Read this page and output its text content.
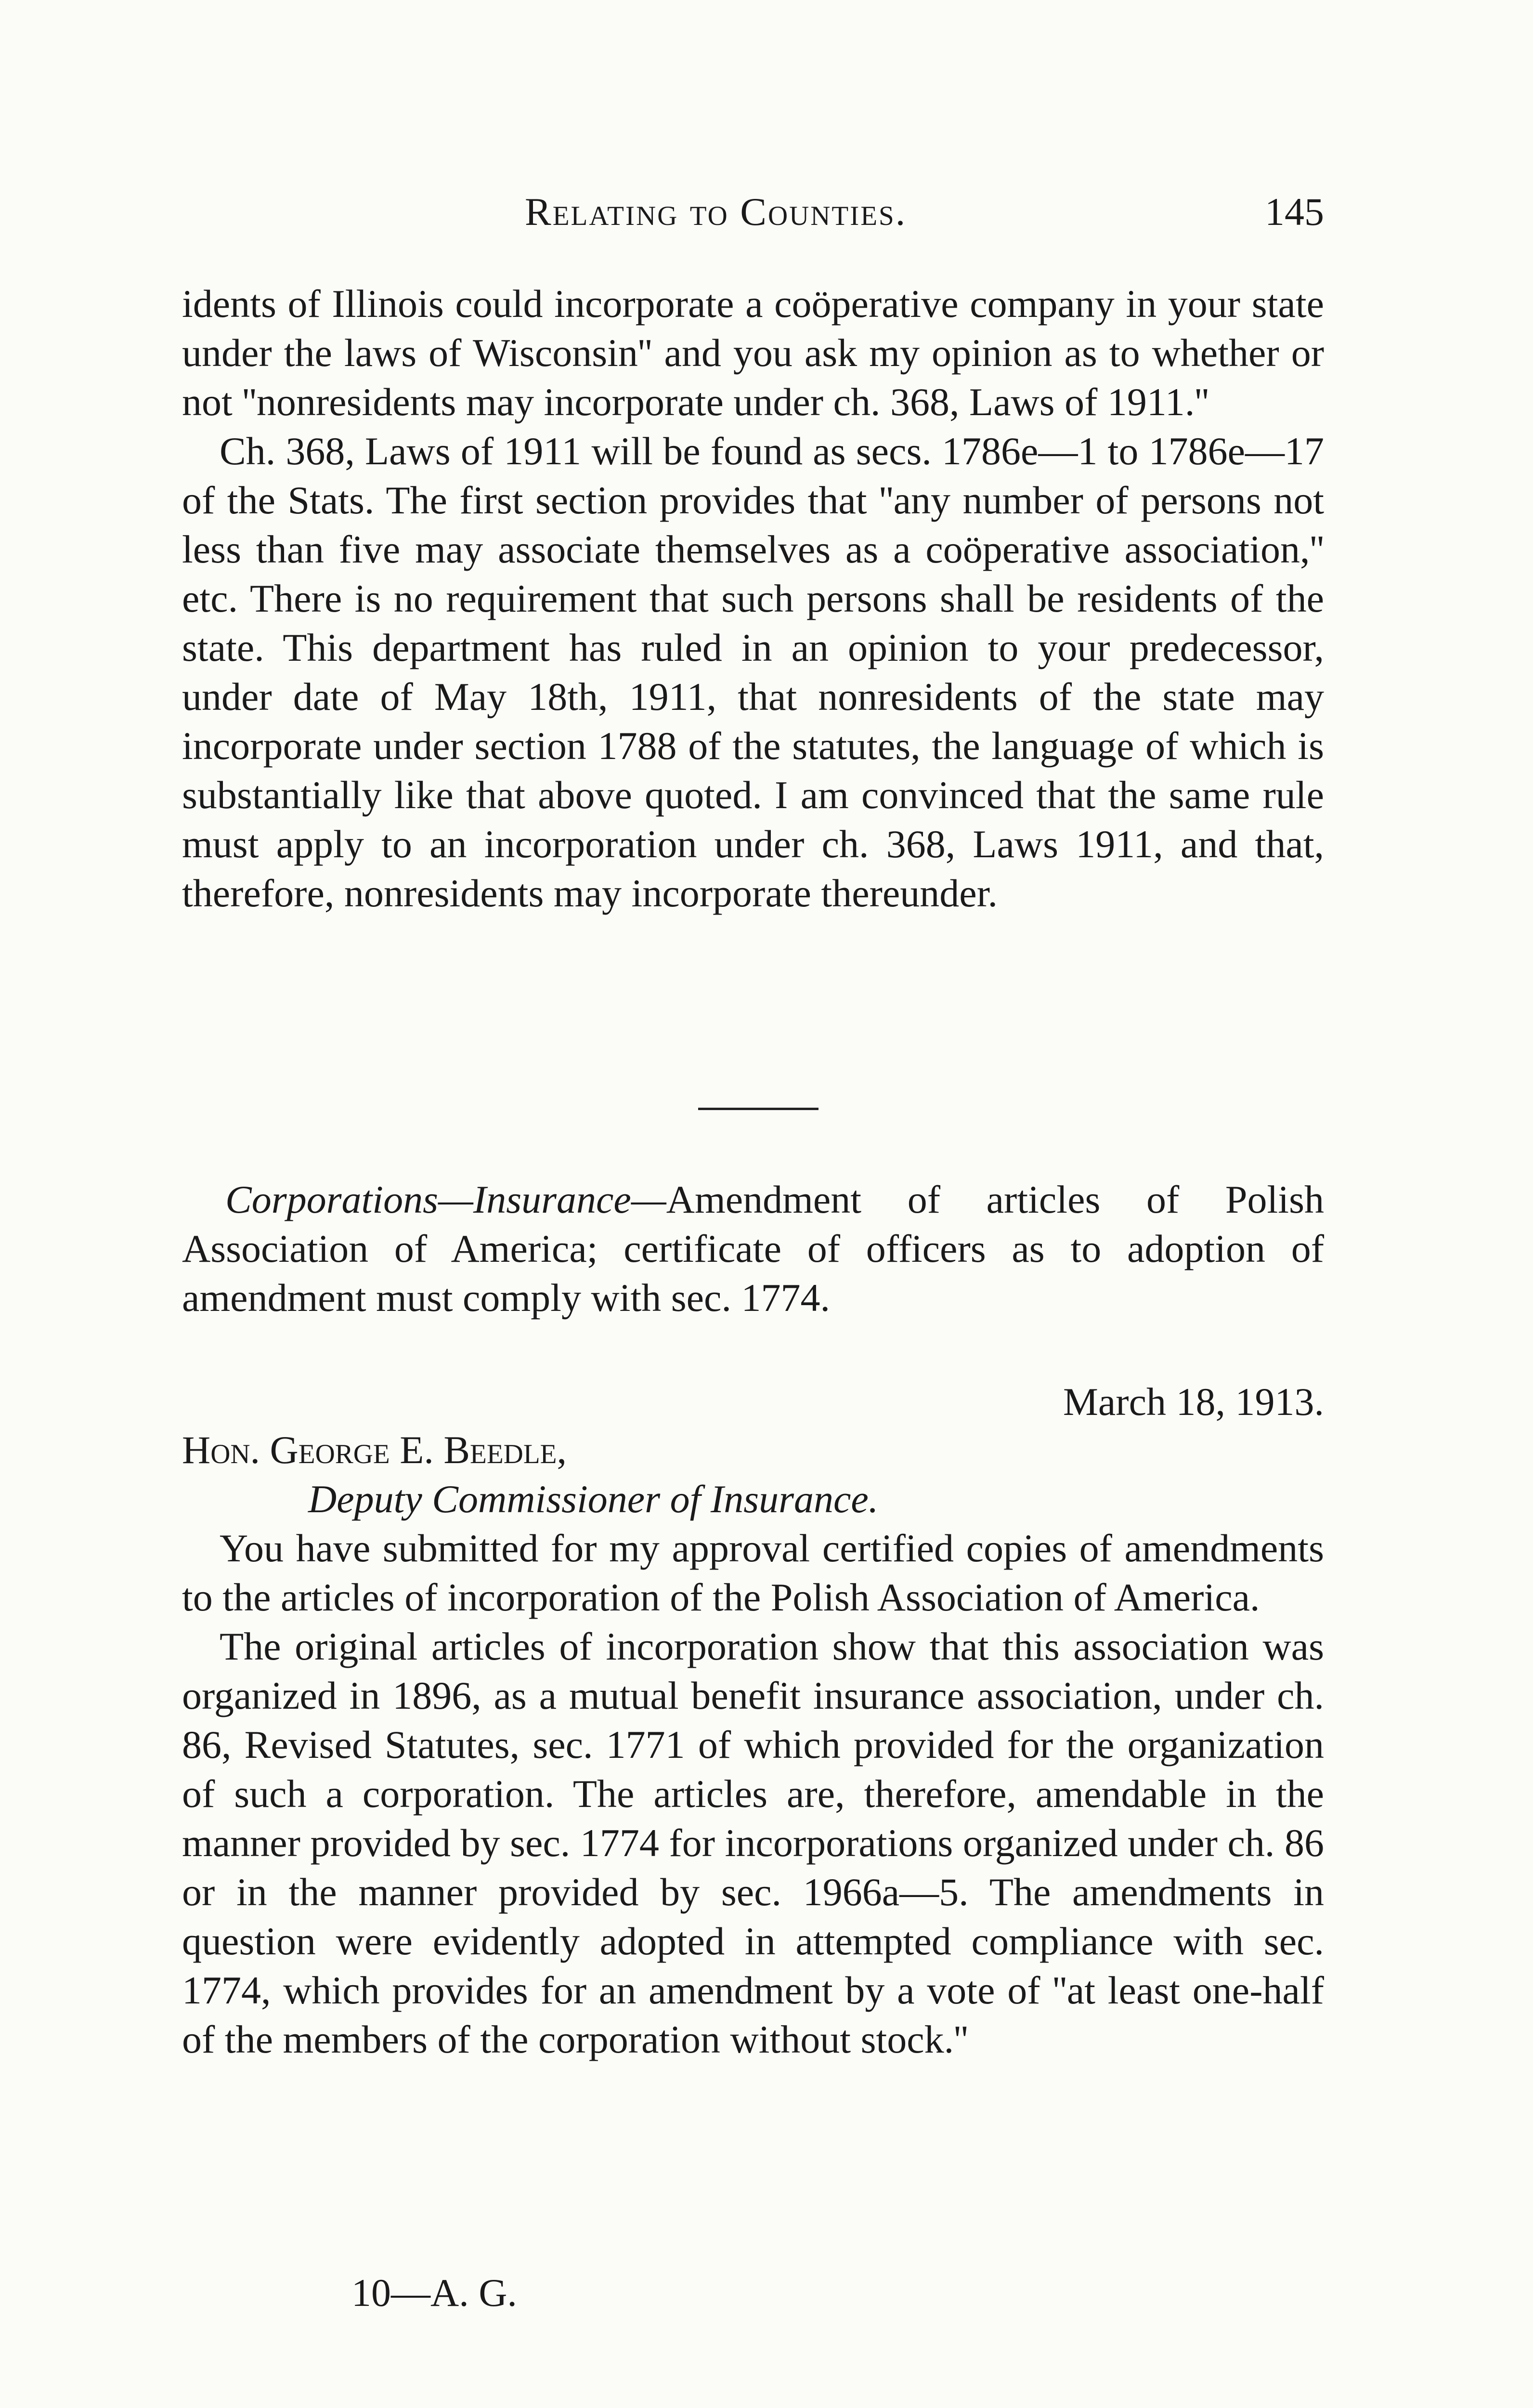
Relating to Counties.	145

idents of Illinois could incorporate a coöperative company in your state under the laws of Wisconsin'' and you ask my opinion as to whether or not ''nonresidents may incorporate under ch. 368, Laws of 1911.''

Ch. 368, Laws of 1911 will be found as secs. 1786e—1 to 1786e—17 of the Stats. The first section provides that ''any number of persons not less than five may associate themselves as a coöperative association,'' etc. There is no requirement that such persons shall be residents of the state. This department has ruled in an opinion to your predecessor, under date of May 18th, 1911, that nonresidents of the state may incorporate under section 1788 of the statutes, the language of which is substantially like that above quoted. I am convinced that the same rule must apply to an incorporation under ch. 368, Laws 1911, and that, therefore, nonresidents may incorporate thereunder.

Corporations—Insurance—Amendment of articles of Polish Association of America; certificate of officers as to adoption of amendment must comply with sec. 1774.

March 18, 1913.
Hon. George E. Beedle,
Deputy Commissioner of Insurance.

You have submitted for my approval certified copies of amendments to the articles of incorporation of the Polish Association of America.

The original articles of incorporation show that this association was organized in 1896, as a mutual benefit insurance association, under ch. 86, Revised Statutes, sec. 1771 of which provided for the organization of such a corporation. The articles are, therefore, amendable in the manner provided by sec. 1774 for incorporations organized under ch. 86 or in the manner provided by sec. 1966a—5. The amendments in question were evidently adopted in attempted compliance with sec. 1774, which provides for an amendment by a vote of ''at least one-half of the members of the corporation without stock.''

10—A. G.
